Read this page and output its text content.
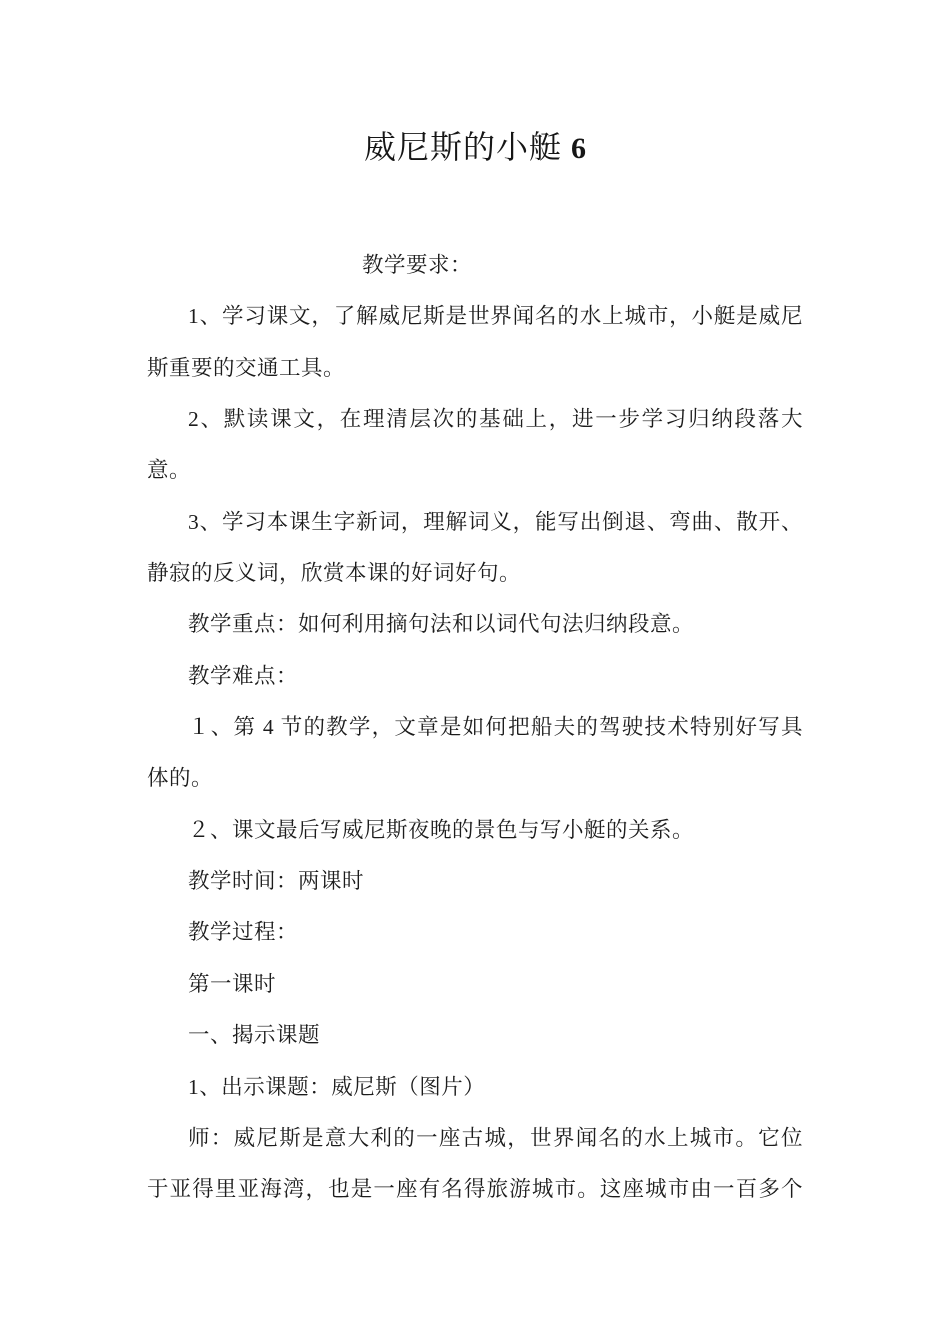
威尼斯的小艇 6
教学要求：
1、学习课文，了解威尼斯是世界闻名的水上城市，小艇是威尼
斯重要的交通工具。
2、默读课文，在理清层次的基础上，进一步学习归纳段落大
意。
3、学习本课生字新词，理解词义，能写出倒退、弯曲、散开、
静寂的反义词，欣赏本课的好词好句。
教学重点：如何利用摘句法和以词代句法归纳段意。
教学难点：
１、第 4 节的教学，文章是如何把船夫的驾驶技术特别好写具
体的。
２、课文最后写威尼斯夜晚的景色与写小艇的关系。
教学时间：两课时
教学过程：
第一课时
一、揭示课题
1、出示课题：威尼斯（图片）
师：威尼斯是意大利的一座古城，世界闻名的水上城市。它位
于亚得里亚海湾，也是一座有名得旅游城市。这座城市由一百多个
